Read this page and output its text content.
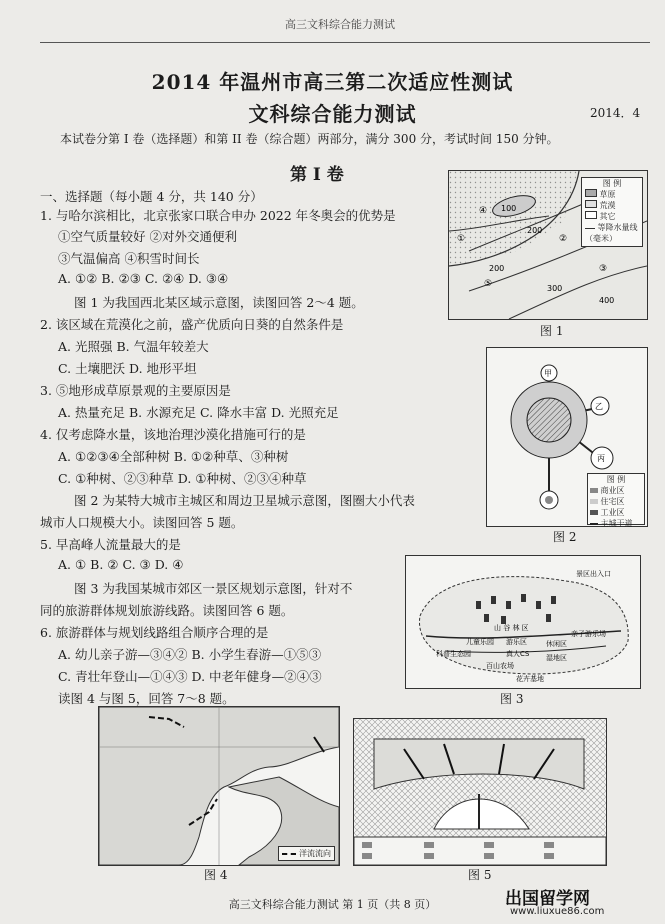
高三文科综合能力测试
2014 年温州市高三第二次适应性测试
文科综合能力测试	2014．4
本试卷分第 I 卷（选择题）和第 II 卷（综合题）两部分，满分 300 分，考试时间 150 分钟。
第 I 卷
一、选择题（每小题 4 分，共 140 分）
1. 与哈尔滨相比，北京张家口联合申办 2022 年冬奥会的优势是
①空气质量较好 ②对外交通便利
③气温偏高 ④积雪时间长
A. ①② B. ②③ C. ②④ D. ③④
图 1 为我国西北某区域示意图，读图回答 2～4 题。
2. 该区域在荒漠化之前，盛产优质向日葵的自然条件是
A. 光照强 B. 气温年较差大
C. 土壤肥沃 D. 地形平坦
3. ⑤地形成草原景观的主要原因是
A. 热量充足 B. 水源充足 C. 降水丰富 D. 光照充足
4. 仅考虑降水量，该地治理沙漠化措施可行的是
A. ①②③④全部种树 B. ①②种草、③种树
C. ①种树、②③种草 D. ①种树、②③④种草
图 2 为某特大城市主城区和周边卫星城示意图，图圈大小代表
城市人口规模大小。读图回答 5 题。
5. 早高峰人流量最大的是
A. ① B. ② C. ③ D. ④
图 3 为我国某城市郊区一景区规划示意图，针对不
同的旅游群体规划旅游线路。读图回答 6 题。
6. 旅游群体与规划线路组合顺序合理的是
A. 幼儿亲子游—③④② B. 小学生春游—①⑤③
C. 青壮年登山—①④③ D. 中老年健身—②④③
读图 4 与图 5，回答 7～8 题。
100
200
200
300
400
④
②
③
⑤
①
图 例
草原
荒漠
其它
等降水量线（毫米）
图 1
甲
乙
丙
图 例
商业区
住宅区
工业区
主城干道
图 2
山 谷 林 区
景区出入口
游乐区
儿童乐园	休闲区
亲子游乐场
科普生态园	真人CS 湿地区
百山农场
花卉基地
图 3
洋流流向
图 4	图 5
高三文科综合能力测试 第 1 页（共 8 页）	出国留学网
www.liuxue86.com
